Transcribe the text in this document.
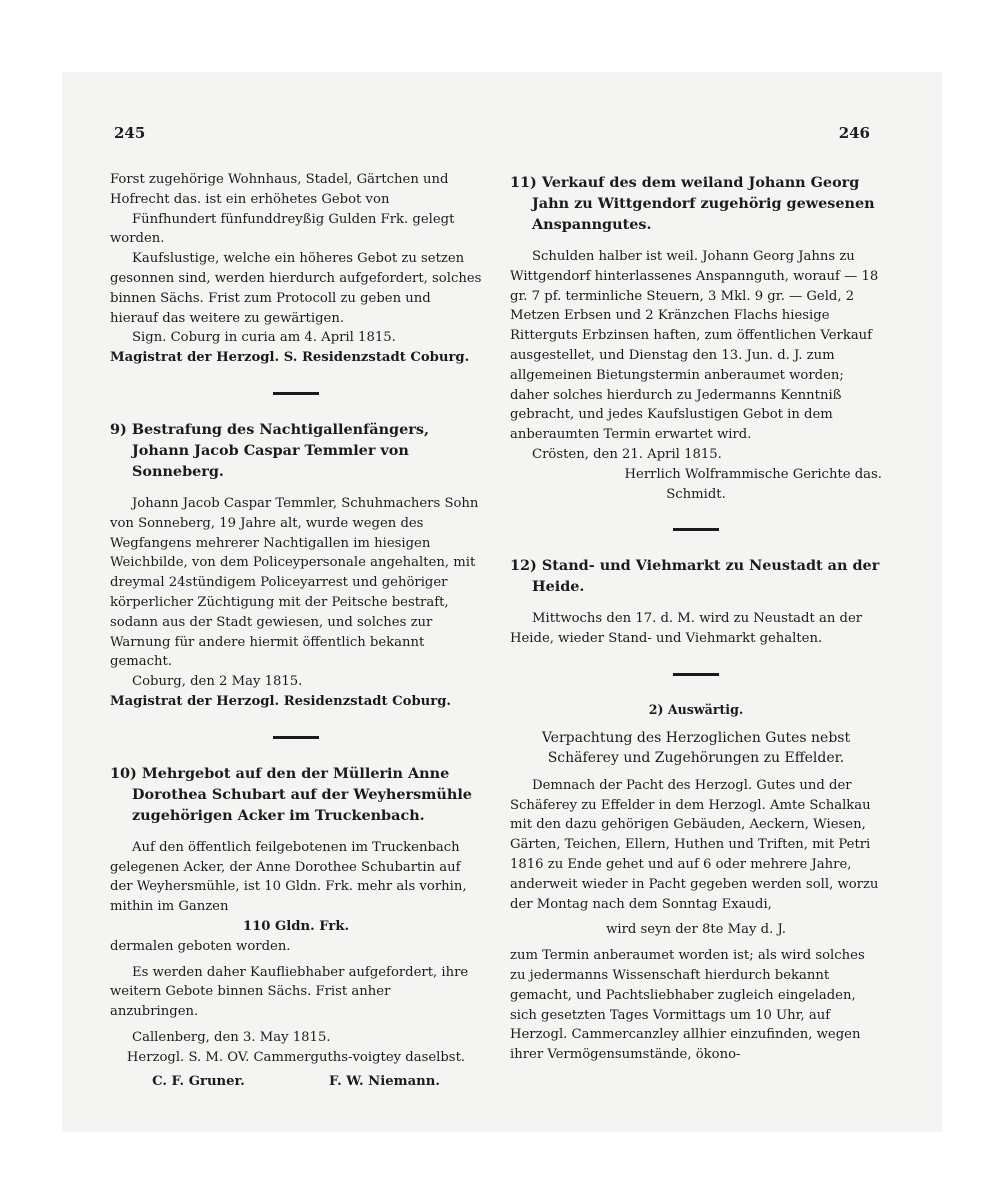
245	246

Forst zugehörige Wohnhaus, Stadel, Gärtchen und Hofrecht das. ist ein erhöhetes Gebot von

Fünfhundert fünfunddreyßig Gulden Frk. gelegt worden.

Kaufslustige, welche ein höheres Gebot zu setzen gesonnen sind, werden hierdurch aufgefordert, solches binnen Sächs. Frist zum Protocoll zu geben und hierauf das weitere zu gewärtigen.

Sign. Coburg in curia am 4. April 1815.

Magistrat der Herzogl. S. Residenzstadt Coburg.

9) Bestrafung des Nachtigallenfängers, Johann Jacob Caspar Temmler von Sonneberg.

Johann Jacob Caspar Temmler, Schuhmachers Sohn von Sonneberg, 19 Jahre alt, wurde wegen des Wegfangens mehrerer Nachtigallen im hiesigen Weichbilde, von dem Policeypersonale angehalten, mit dreymal 24stündigem Policeyarrest und gehöriger körperlicher Züchtigung mit der Peitsche bestraft, sodann aus der Stadt gewiesen, und solches zur Warnung für andere hiermit öffentlich bekannt gemacht.

Coburg, den 2 May 1815.

Magistrat der Herzogl. Residenzstadt Coburg.

10) Mehrgebot auf den der Müllerin Anne Dorothea Schubart auf der Weyhersmühle zugehörigen Acker im Truckenbach.

Auf den öffentlich feilgebotenen im Truckenbach gelegenen Acker, der Anne Dorothee Schubartin auf der Weyhersmühle, ist 10 Gldn. Frk. mehr als vorhin, mithin im Ganzen

110 Gldn. Frk.

dermalen geboten worden.

Es werden daher Kaufliebhaber aufgefordert, ihre weitern Gebote binnen Sächs. Frist anher anzubringen.

Callenberg, den 3. May 1815.

Herzogl. S. M. OV. Cammerguths-voigtey daselbst.

C. F. Gruner.	F. W. Niemann.

11) Verkauf des dem weiland Johann Georg Jahn zu Wittgendorf zugehörig gewesenen Anspanngutes.

Schulden halber ist weil. Johann Georg Jahns zu Wittgendorf hinterlassenes Anspannguth, worauf — 18 gr. 7 pf. terminliche Steuern, 3 Mkl. 9 gr. — Geld, 2 Metzen Erbsen und 2 Kränzchen Flachs hiesige Ritterguts Erbzinsen haften, zum öffentlichen Verkauf ausgestellet, und Dienstag den 13. Jun. d. J. zum allgemeinen Bietungstermin anberaumet worden; daher solches hierdurch zu Jedermanns Kenntniß gebracht, und jedes Kaufslustigen Gebot in dem anberaumten Termin erwartet wird.

Crösten, den 21. April 1815.

Herrlich Wolframmische Gerichte das.

Schmidt.

12) Stand- und Viehmarkt zu Neustadt an der Heide.

Mittwochs den 17. d. M. wird zu Neustadt an der Heide, wieder Stand- und Viehmarkt gehalten.

2) Auswärtig.

Verpachtung des Herzoglichen Gutes nebst Schäferey und Zugehörungen zu Effelder.

Demnach der Pacht des Herzogl. Gutes und der Schäferey zu Effelder in dem Herzogl. Amte Schalkau mit den dazu gehörigen Gebäuden, Aeckern, Wiesen, Gärten, Teichen, Ellern, Huthen und Triften, mit Petri 1816 zu Ende gehet und auf 6 oder mehrere Jahre, anderweit wieder in Pacht gegeben werden soll, worzu der Montag nach dem Sonntag Exaudi,

wird seyn der 8te May d. J.

zum Termin anberaumet worden ist; als wird solches zu jedermanns Wissenschaft hierdurch bekannt gemacht, und Pachtsliebhaber zugleich eingeladen, sich gesetzten Tages Vormittags um 10 Uhr, auf Herzogl. Cammercanzley allhier einzufinden, wegen ihrer Vermögensumstände, ökono-
